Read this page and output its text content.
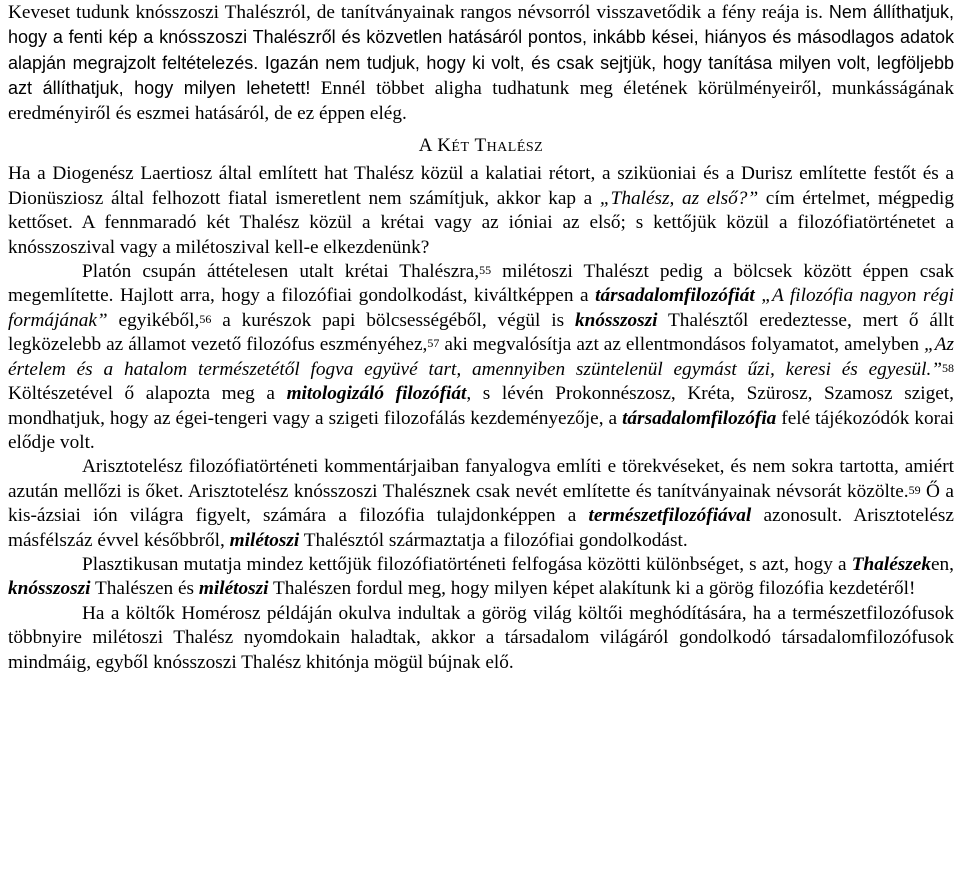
Keveset tudunk knósszoszi Thalészról, de tanítványainak rangos névsorról visszavetődik a fény reája is. Nem állíthatjuk, hogy a fenti kép a knósszoszi Thalészről és közvetlen hatásáról pontos, inkább kései, hiányos és másodlagos adatok alapján megrajzolt feltételezés. Igazán nem tudjuk, hogy ki volt, és csak sejtjük, hogy tanítása milyen volt, legföljebb azt állíthatjuk, hogy milyen lehetett! Ennél többet aligha tudhatunk meg életének körülményeiről, munkásságának eredményiről és eszmei hatásáról, de ez éppen elég.

A KÉT THALÉSZ

Ha a Diogenész Laertiosz által említett hat Thalész közül a kalatiai rétort, a sziküoniai és a Durisz említette festőt és a Dionüsziosz által felhozott fiatal ismeretlent nem számítjuk, akkor kap a „Thalész, az első?” cím értelmet, mégpedig kettőset. A fennmaradó két Thalész közül a krétai vagy az ióniai az első; s kettőjük közül a filozófiatörténetet a knósszoszival vagy a milétoszival kell-e elkezdenünk?

Platón csupán áttételesen utalt krétai Thalészra,$^{55}$ milétoszi Thalészt pedig a bölcsek között éppen csak megemlítette. Hajlott arra, hogy a filozófiai gondolkodást, kiváltképpen a társadalomfilozófiát „A filozófia nagyon régi formájának” egyikéből,$^{56}$ a kurészok papi bölcsességéből, végül is knósszoszi Thalésztől eredeztesse, mert ő állt legközelebb az államot vezető filozófus eszményéhez,$^{57}$ aki megvalósítja azt az ellentmondásos folyamatot, amelyben „Az értelem és a hatalom természetétől fogva együvé tart, amennyiben szüntelenül egymást űzi, keresi és egyesül.”$^{58}$ Költészetével ő alapozta meg a mitologizáló filozófiát, s lévén Prokonnészosz, Kréta, Szürosz, Szamosz sziget, mondhatjuk, hogy az égei-tengeri vagy a szigeti filozofálás kezdeményezője, a társadalomfilozófia felé tájékozódók korai elődje volt.

Arisztotelész filozófiatörténeti kommentárjaiban fanyalogva említi e törekvéseket, és nem sokra tartotta, amiért azután mellőzi is őket. Arisztotelész knósszoszi Thalésznek csak nevét említette és tanítványainak névsorát közölte.$^{59}$ Ő a kis-ázsiai ión világra figyelt, számára a filozófia tulajdonképpen a természetfilozófiával azonosult. Arisztotelész másfélszáz évvel későbbről, milétoszi Thalésztól származtatja a filozófiai gondolkodást.

Plasztikusan mutatja mindez kettőjük filozófiatörténeti felfogása közötti különbséget, s azt, hogy a Thalészeken, knósszoszi Thalészen és milétoszi Thalészen fordul meg, hogy milyen képet alakítunk ki a görög filozófia kezdetéről!

Ha a költők Homérosz példáján okulva indultak a görög világ költői meghódítására, ha a természetfilozófusok többnyire milétoszi Thalész nyomdokain haladtak, akkor a társadalom világáról gondolkodó társadalomfilozófusok mindmáig, egyből knósszoszi Thalész khitónja mögül bújnak elő.
